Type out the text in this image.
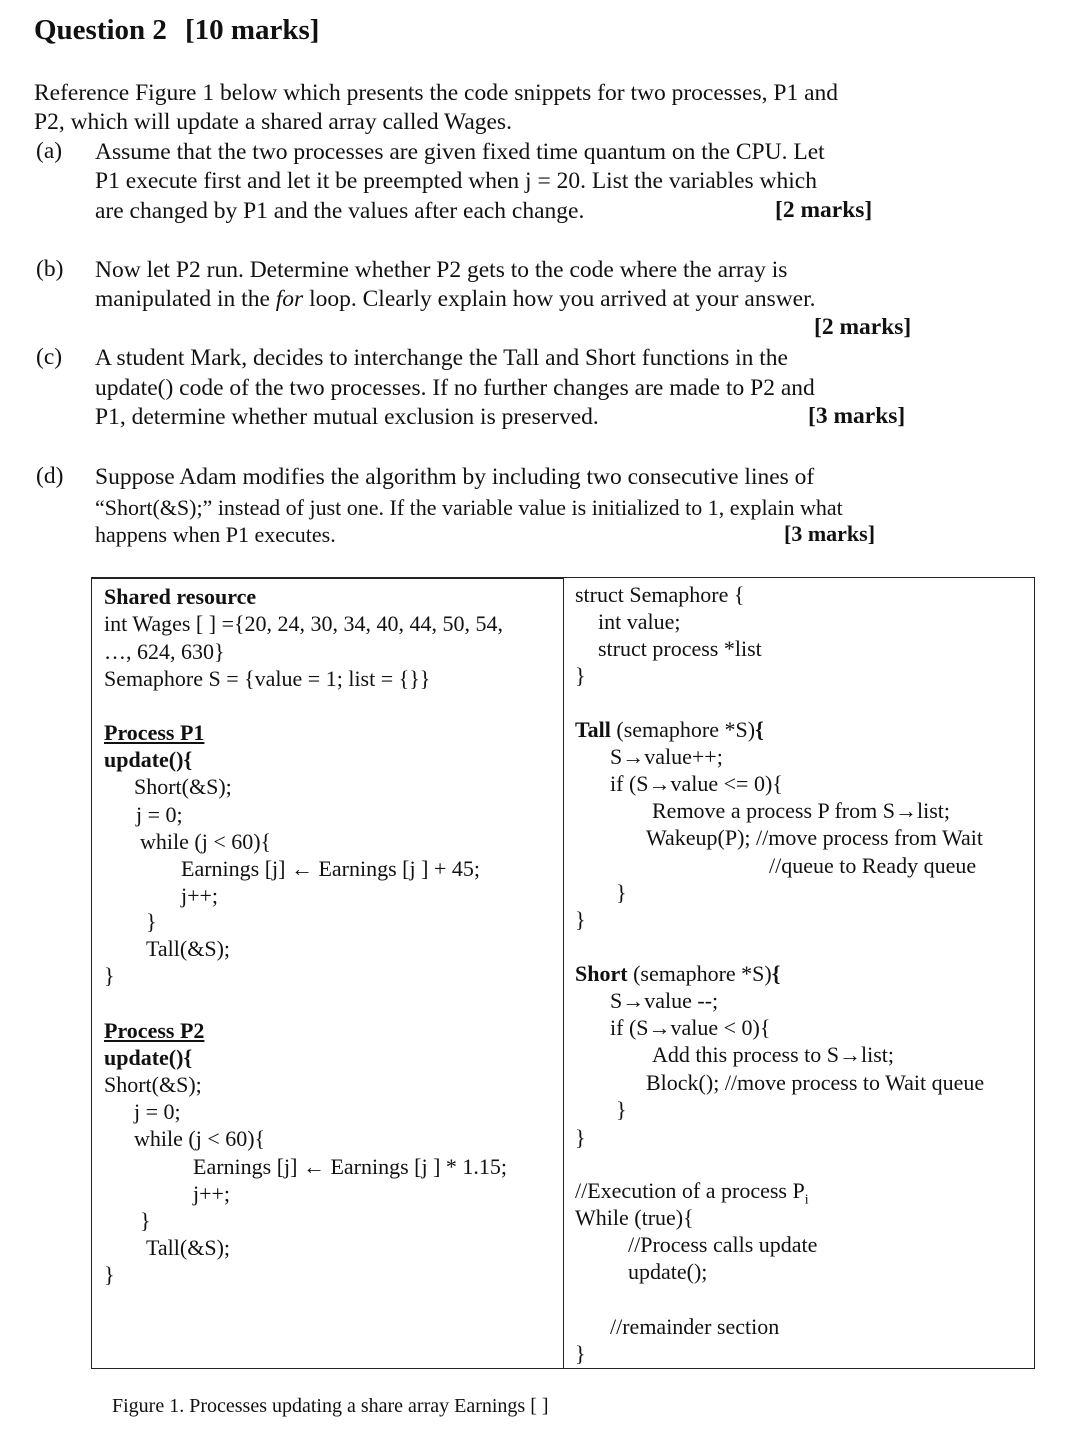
Question 2 [10 marks]
Reference Figure 1 below which presents the code snippets for two processes, P1 and
P2, which will update a shared array called Wages.
(a) Assume that the two processes are given fixed time quantum on the CPU. Let
P1 execute first and let it be preempted when j = 20. List the variables which
are changed by P1 and the values after each change.	[2 marks]
(b) Now let P2 run. Determine whether P2 gets to the code where the array is
manipulated in the for loop. Clearly explain how you arrived at your answer.
[2 marks]
(c) A student Mark, decides to interchange the Tall and Short functions in the
update() code of the two processes. If no further changes are made to P2 and
P1, determine whether mutual exclusion is preserved.	[3 marks]
(d) Suppose Adam modifies the algorithm by including two consecutive lines of
“Short(&S);” instead of just one. If the variable value is initialized to 1, explain what
happens when P1 executes.	[3 marks]
Shared resource
int Wages [ ] ={20, 24, 30, 34, 40, 44, 50, 54,
…, 624, 630}
Semaphore S = {value = 1; list = {}}
Process P1
update(){
Short(&S);
j = 0;
while (j < 60){
Earnings [j] ← Earnings [j ] + 45;
j++;
}
Tall(&S);
}
Process P2
update(){
Short(&S);
j = 0;
while (j < 60){
Earnings [j] ← Earnings [j ] * 1.15;
j++;
}
Tall(&S);
}
struct Semaphore {
int value;
struct process *list
}
Tall (semaphore *S){
S→value++;
if (S→value <= 0){
Remove a process P from S→list;
Wakeup(P); //move process from Wait
//queue to Ready queue
}
}
Short (semaphore *S){
S→value --;
if (S→value < 0){
Add this process to S→list;
Block(); //move process to Wait queue
}
}
//Execution of a process $P_i$
While (true){
//Process calls update
update();
//remainder section
}
Figure 1. Processes updating a share array Earnings [ ]
